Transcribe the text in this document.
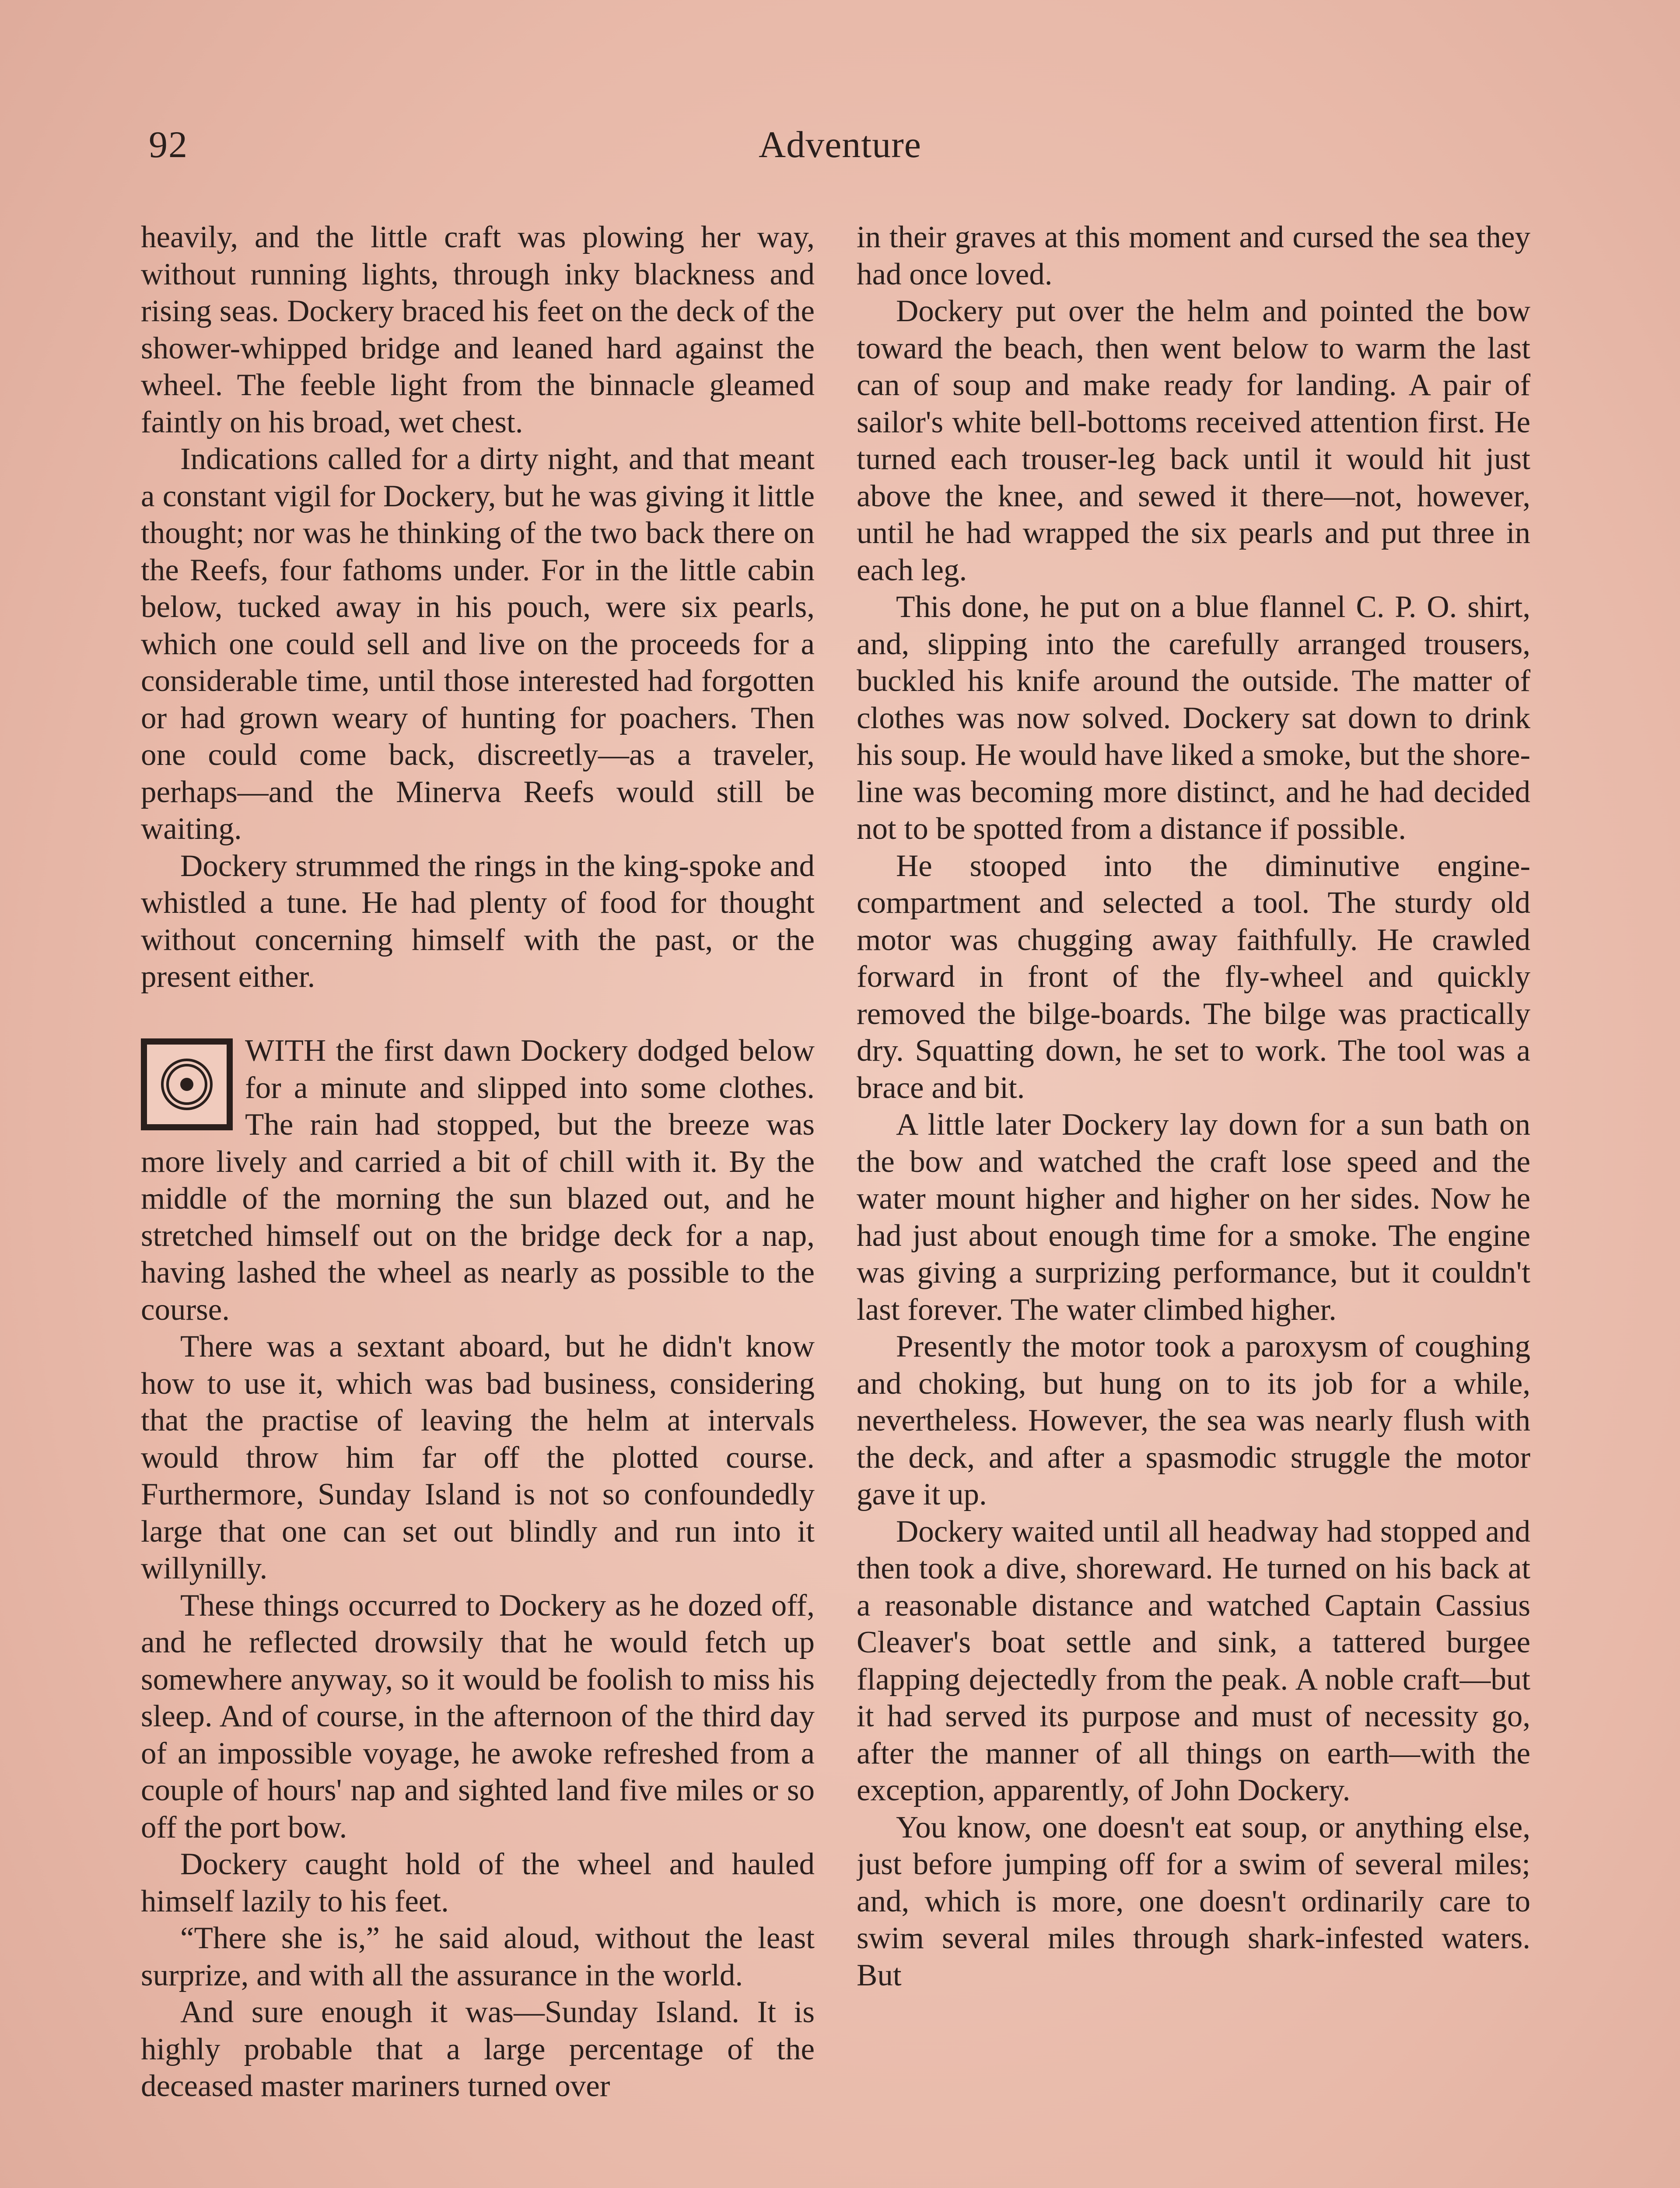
92	Adventure

heavily, and the little craft was plowing her way, without running lights, through inky blackness and rising seas. Dockery braced his feet on the deck of the shower-whipped bridge and leaned hard against the wheel. The feeble light from the binnacle gleamed faintly on his broad, wet chest.

Indications called for a dirty night, and that meant a constant vigil for Dockery, but he was giving it little thought; nor was he thinking of the two back there on the Reefs, four fathoms under. For in the little cabin below, tucked away in his pouch, were six pearls, which one could sell and live on the proceeds for a considerable time, until those interested had forgotten or had grown weary of hunting for poachers. Then one could come back, discreetly—as a traveler, perhaps—and the Minerva Reefs would still be waiting.

Dockery strummed the rings in the king-spoke and whistled a tune. He had plenty of food for thought without concerning himself with the past, or the present either.

WITH the first dawn Dockery dodged below for a minute and slipped into some clothes. The rain had stopped, but the breeze was more lively and carried a bit of chill with it. By the middle of the morning the sun blazed out, and he stretched himself out on the bridge deck for a nap, having lashed the wheel as nearly as possible to the course.

There was a sextant aboard, but he didn't know how to use it, which was bad business, considering that the practise of leaving the helm at intervals would throw him far off the plotted course. Furthermore, Sunday Island is not so confoundedly large that one can set out blindly and run into it willynilly.

These things occurred to Dockery as he dozed off, and he reflected drowsily that he would fetch up somewhere anyway, so it would be foolish to miss his sleep. And of course, in the afternoon of the third day of an impossible voyage, he awoke refreshed from a couple of hours' nap and sighted land five miles or so off the port bow.

Dockery caught hold of the wheel and hauled himself lazily to his feet.

“There she is,” he said aloud, without the least surprize, and with all the assurance in the world.

And sure enough it was—Sunday Island. It is highly probable that a large percentage of the deceased master mariners turned over

in their graves at this moment and cursed the sea they had once loved.

Dockery put over the helm and pointed the bow toward the beach, then went below to warm the last can of soup and make ready for landing. A pair of sailor's white bell-bottoms received attention first. He turned each trouser-leg back until it would hit just above the knee, and sewed it there—not, however, until he had wrapped the six pearls and put three in each leg.

This done, he put on a blue flannel C. P. O. shirt, and, slipping into the carefully arranged trousers, buckled his knife around the outside. The matter of clothes was now solved. Dockery sat down to drink his soup. He would have liked a smoke, but the shore-line was becoming more distinct, and he had decided not to be spotted from a distance if possible.

He stooped into the diminutive engine-compartment and selected a tool. The sturdy old motor was chugging away faithfully. He crawled forward in front of the fly-wheel and quickly removed the bilge-boards. The bilge was practically dry. Squatting down, he set to work. The tool was a brace and bit.

A little later Dockery lay down for a sun bath on the bow and watched the craft lose speed and the water mount higher and higher on her sides. Now he had just about enough time for a smoke. The engine was giving a surprizing performance, but it couldn't last forever. The water climbed higher.

Presently the motor took a paroxysm of coughing and choking, but hung on to its job for a while, nevertheless. However, the sea was nearly flush with the deck, and after a spasmodic struggle the motor gave it up.

Dockery waited until all headway had stopped and then took a dive, shoreward. He turned on his back at a reasonable distance and watched Captain Cassius Cleaver's boat settle and sink, a tattered burgee flapping dejectedly from the peak. A noble craft—but it had served its purpose and must of necessity go, after the manner of all things on earth—with the exception, apparently, of John Dockery.

You know, one doesn't eat soup, or anything else, just before jumping off for a swim of several miles; and, which is more, one doesn't ordinarily care to swim several miles through shark-infested waters. But
